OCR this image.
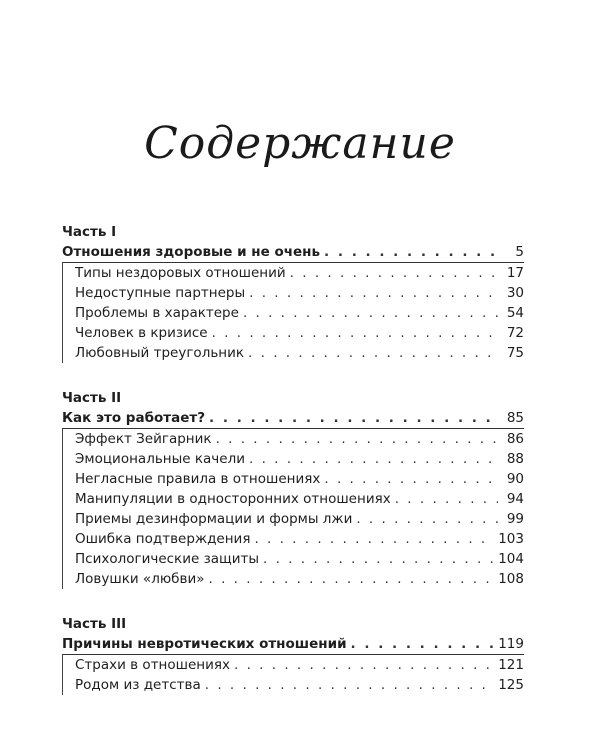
Содержание
Часть I
Отношения здоровые и не очень . . .	5
Типы нездоровых отношений . . .	17
Недоступные партнеры . . .	30
Проблемы в характере . . .	54
Человек в кризисе . . .	72
Любовный треугольник . . .	75
Часть II
Как это работает? . . .	85
Эффект Зейгарник . . .	86
Эмоциональные качели . . .	88
Негласные правила в отношениях . . .	90
Манипуляции в односторонних отношениях . . .	94
Приемы дезинформации и формы лжи . . .	99
Ошибка подтверждения . . .	103
Психологические защиты . . .	104
Ловушки «любви» . . .	108
Часть III
Причины невротических отношений . . .	119
Страхи в отношениях . . .	121
Родом из детства . . .	125
